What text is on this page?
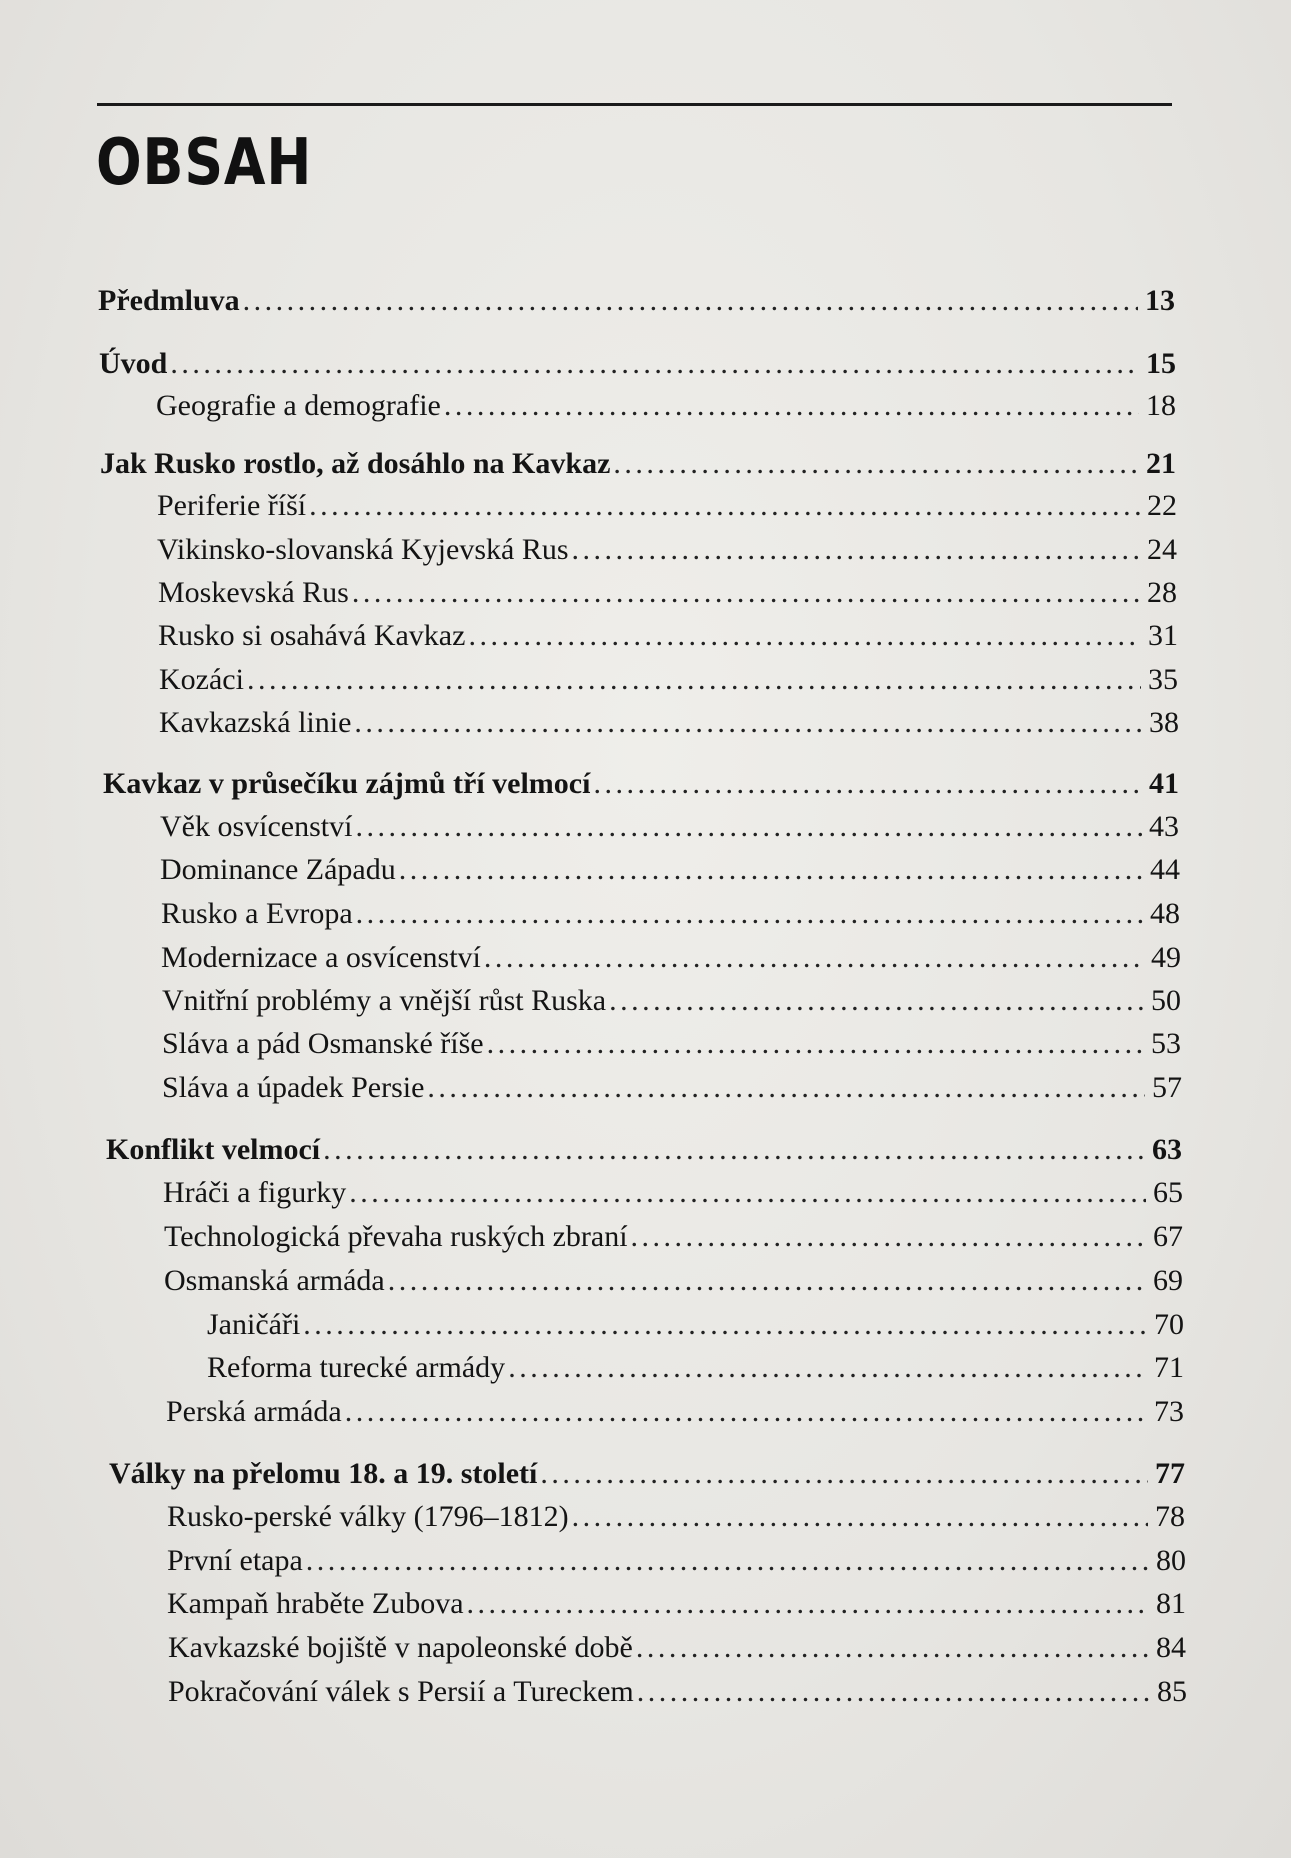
OBSAH
Předmluva . . .	13
Úvod . . .	15
Geografie a demografie . . .	18
Jak Rusko rostlo, až dosáhlo na Kavkaz . . .	21
Periferie říší . . .	22
Vikinsko-slovanská Kyjevská Rus . . .	24
Moskevská Rus . . .	28
Rusko si osahává Kavkaz . . .	31
Kozáci . . .	35
Kavkazská linie . . .	38
Kavkaz v průsečíku zájmů tří velmocí . . .	41
Věk osvícenství . . .	43
Dominance Západu . . .	44
Rusko a Evropa . . .	48
Modernizace a osvícenství . . .	49
Vnitřní problémy a vnější růst Ruska . . .	50
Sláva a pád Osmanské říše . . .	53
Sláva a úpadek Persie . . .	57
Konflikt velmocí . . .	63
Hráči a figurky . . .	65
Technologická převaha ruských zbraní . . .	67
Osmanská armáda . . .	69
Janičáři . . .	70
Reforma turecké armády . . .	71
Perská armáda . . .	73
Války na přelomu 18. a 19. století . . .	77
Rusko-perské války (1796–1812) . . .	78
První etapa . . .	80
Kampaň hraběte Zubova . . .	81
Kavkazské bojiště v napoleonské době . . .	84
Pokračování válek s Persií a Tureckem . . .	85
